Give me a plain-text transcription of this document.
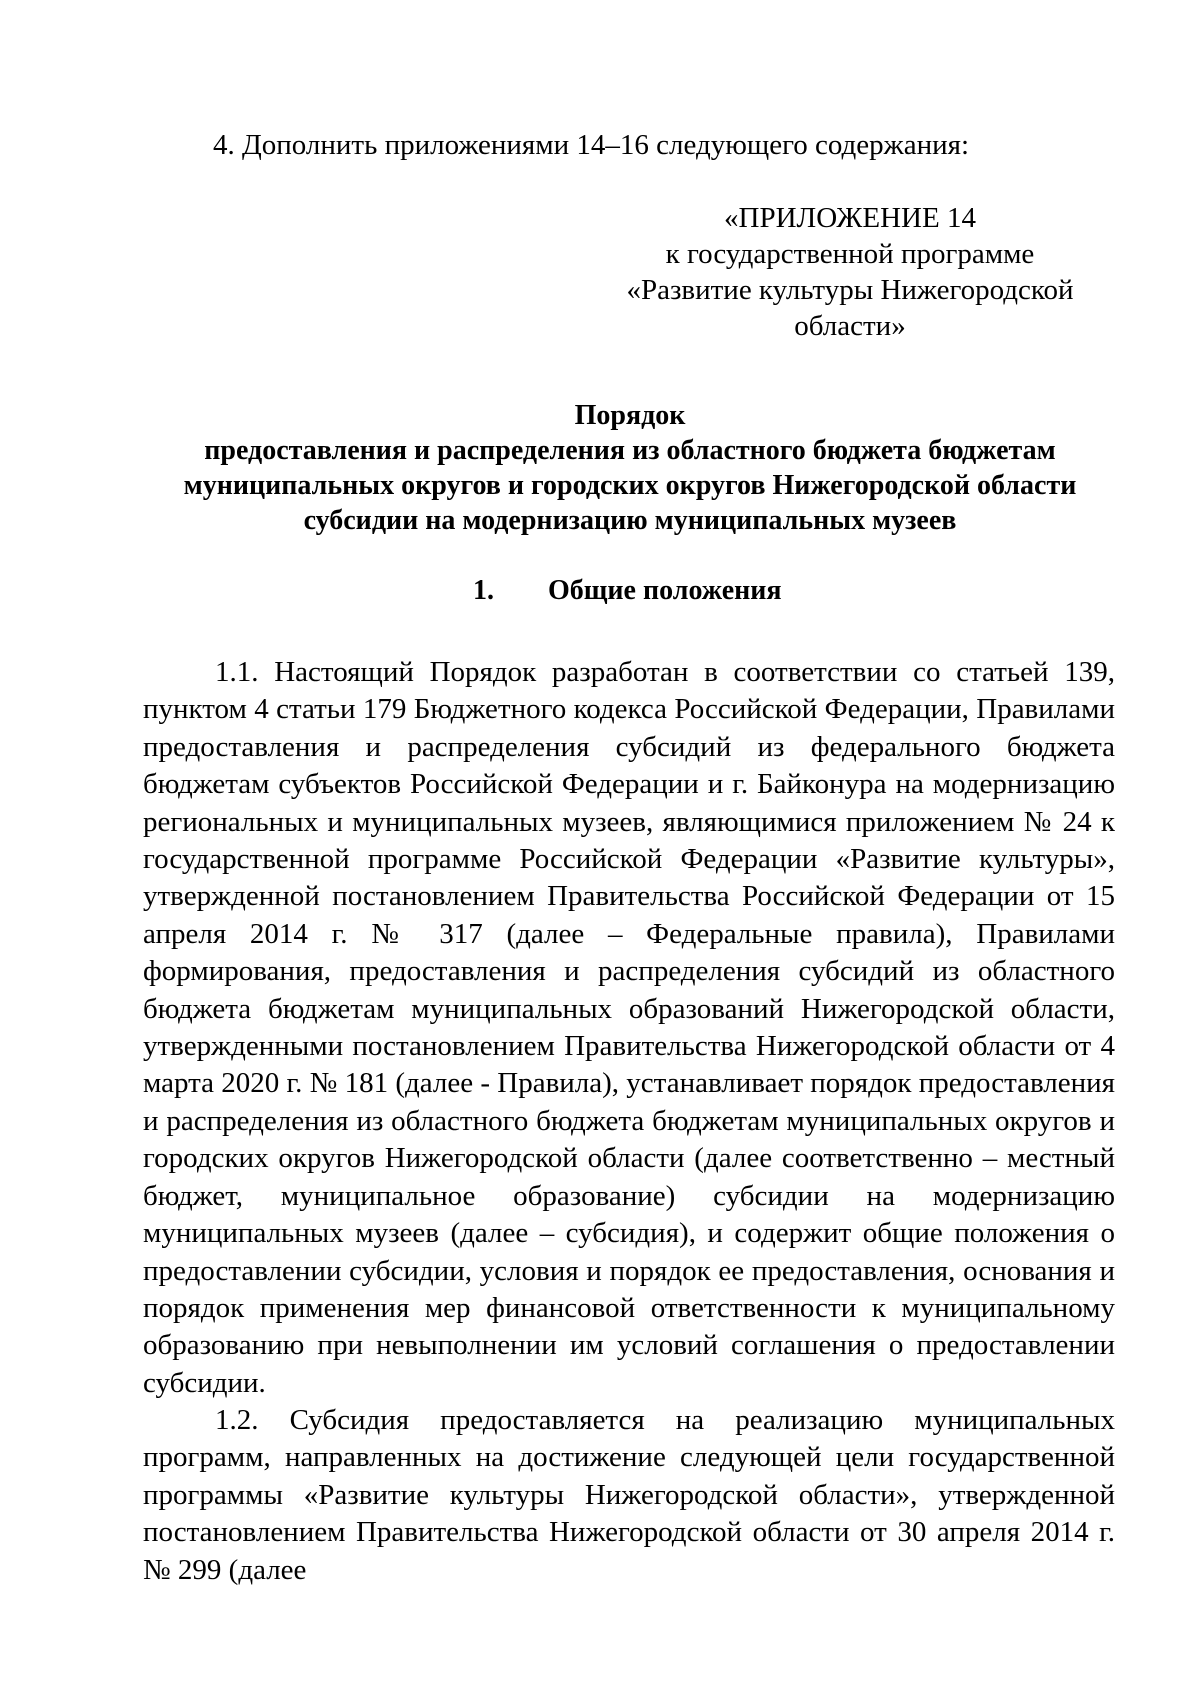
4. Дополнить приложениями 14–16 следующего содержания:
«ПРИЛОЖЕНИЕ 14
к государственной программе
«Развитие культуры Нижегородской
области»
Порядок
предоставления и распределения из областного бюджета бюджетам
муниципальных округов и городских округов Нижегородской области
субсидии на модернизацию муниципальных музеев
1. Общие положения
1.1. Настоящий Порядок разработан в соответствии со статьей 139, пунктом 4 статьи 179 Бюджетного кодекса Российской Федерации, Правилами предоставления и распределения субсидий из федерального бюджета бюджетам субъектов Российской Федерации и г. Байконура на модернизацию региональных и муниципальных музеев, являющимися приложением № 24 к государственной программе Российской Федерации «Развитие культуры», утвержденной постановлением Правительства Российской Федерации от 15 апреля 2014 г. № 317 (далее – Федеральные правила), Правилами формирования, предоставления и распределения субсидий из областного бюджета бюджетам муниципальных образований Нижегородской области, утвержденными постановлением Правительства Нижегородской области от 4 марта 2020 г. № 181 (далее - Правила), устанавливает порядок предоставления и распределения из областного бюджета бюджетам муниципальных округов и городских округов Нижегородской области (далее соответственно – местный бюджет, муниципальное образование) субсидии на модернизацию муниципальных музеев (далее – субсидия), и содержит общие положения о предоставлении субсидии, условия и порядок ее предоставления, основания и порядок применения мер финансовой ответственности к муниципальному образованию при невыполнении им условий соглашения о предоставлении субсидии.
1.2. Субсидия предоставляется на реализацию муниципальных программ, направленных на достижение следующей цели государственной программы «Развитие культуры Нижегородской области», утвержденной постановлением Правительства Нижегородской области от 30 апреля 2014 г. № 299 (далее
